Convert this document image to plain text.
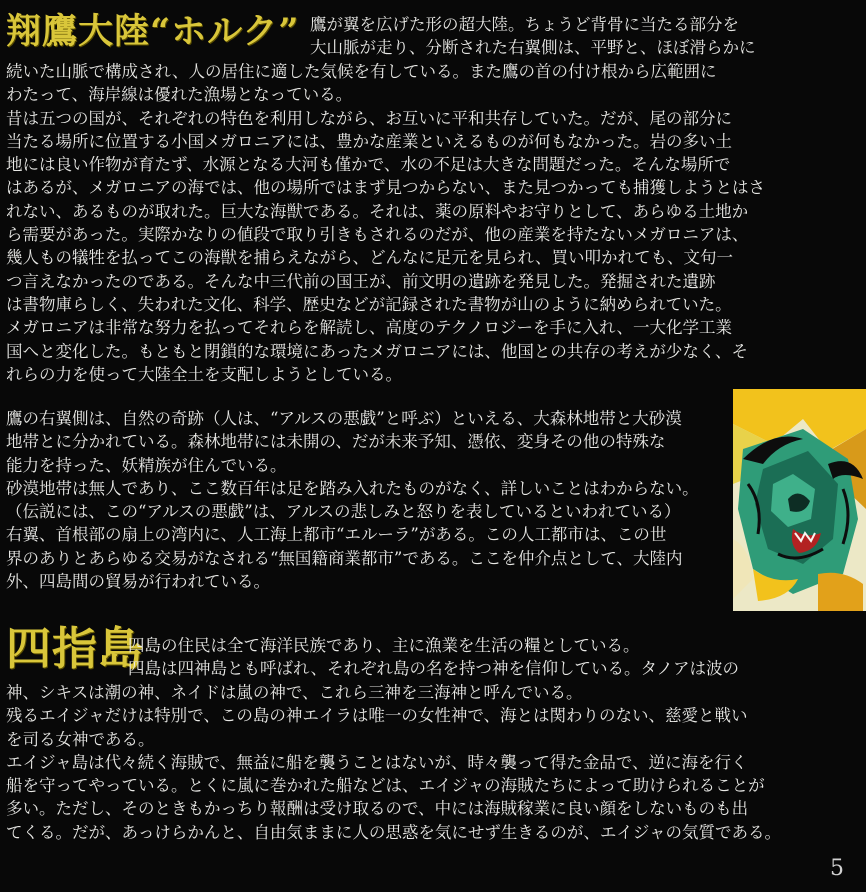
翔鷹大陸“ホルク” 鷹が翼を広げた形の超大陸。ちょうど背骨に当たる部分を
大山脈が走り、分断された右翼側は、平野と、ほぼ滑らかに

続いた山脈で構成され、人の居住に適した気候を有している。また鷹の首の付け根から広範囲に
わたって、海岸線は優れた漁場となっている。
昔は五つの国が、それぞれの特色を利用しながら、お互いに平和共存していた。だが、尾の部分に
当たる場所に位置する小国メガロニアには、豊かな産業といえるものが何もなかった。岩の多い土
地には良い作物が育たず、水源となる大河も僅かで、水の不足は大きな問題だった。そんな場所で
はあるが、メガロニアの海では、他の場所ではまず見つからない、また見つかっても捕獲しようとはさ
れない、あるものが取れた。巨大な海獣である。それは、薬の原料やお守りとして、あらゆる土地か
ら需要があった。実際かなりの値段で取り引きもされるのだが、他の産業を持たないメガロニアは、
幾人もの犠牲を払ってこの海獣を捕らえながら、どんなに足元を見られ、買い叩かれても、文句一
つ言えなかったのである。そんな中三代前の国王が、前文明の遺跡を発見した。発掘された遺跡
は書物庫らしく、失われた文化、科学、歴史などが記録された書物が山のように納められていた。
メガロニアは非常な努力を払ってそれらを解読し、高度のテクノロジーを手に入れ、一大化学工業
国へと変化した。もともと閉鎖的な環境にあったメガロニアには、他国との共存の考えが少なく、そ
れらの力を使って大陸全土を支配しようとしている。

鷹の右翼側は、自然の奇跡（人は、“アルスの悪戯”と呼ぶ）といえる、大森林地帯と大砂漠
地帯とに分かれている。森林地帯には未開の、だが未来予知、憑依、変身その他の特殊な
能力を持った、妖精族が住んでいる。
砂漠地帯は無人であり、ここ数百年は足を踏み入れたものがなく、詳しいことはわからない。
（伝説には、この“アルスの悪戯”は、アルスの悲しみと怒りを表しているといわれている）
右翼、首根部の扇上の湾内に、人工海上都市“エルーラ”がある。この人工都市は、この世
界のありとあらゆる交易がなされる“無国籍商業都市”である。ここを仲介点として、大陸内
外、四島間の貿易が行われている。

四指島

四島の住民は全て海洋民族であり、主に漁業を生活の糧としている。
四島は四神島とも呼ばれ、それぞれ島の名を持つ神を信仰している。タノアは波の

神、シキスは潮の神、ネイドは嵐の神で、これら三神を三海神と呼んでいる。
残るエイジャだけは特別で、この島の神エイラは唯一の女性神で、海とは関わりのない、慈愛と戦い
を司る女神である。
エイジャ島は代々続く海賊で、無益に船を襲うことはないが、時々襲って得た金品で、逆に海を行く
船を守ってやっている。とくに嵐に巻かれた船などは、エイジャの海賊たちによって助けられることが
多い。ただし、そのときもかっちり報酬は受け取るので、中には海賊稼業に良い顔をしないものも出
てくる。だが、あっけらかんと、自由気ままに人の思惑を気にせず生きるのが、エイジャの気質である。

5
